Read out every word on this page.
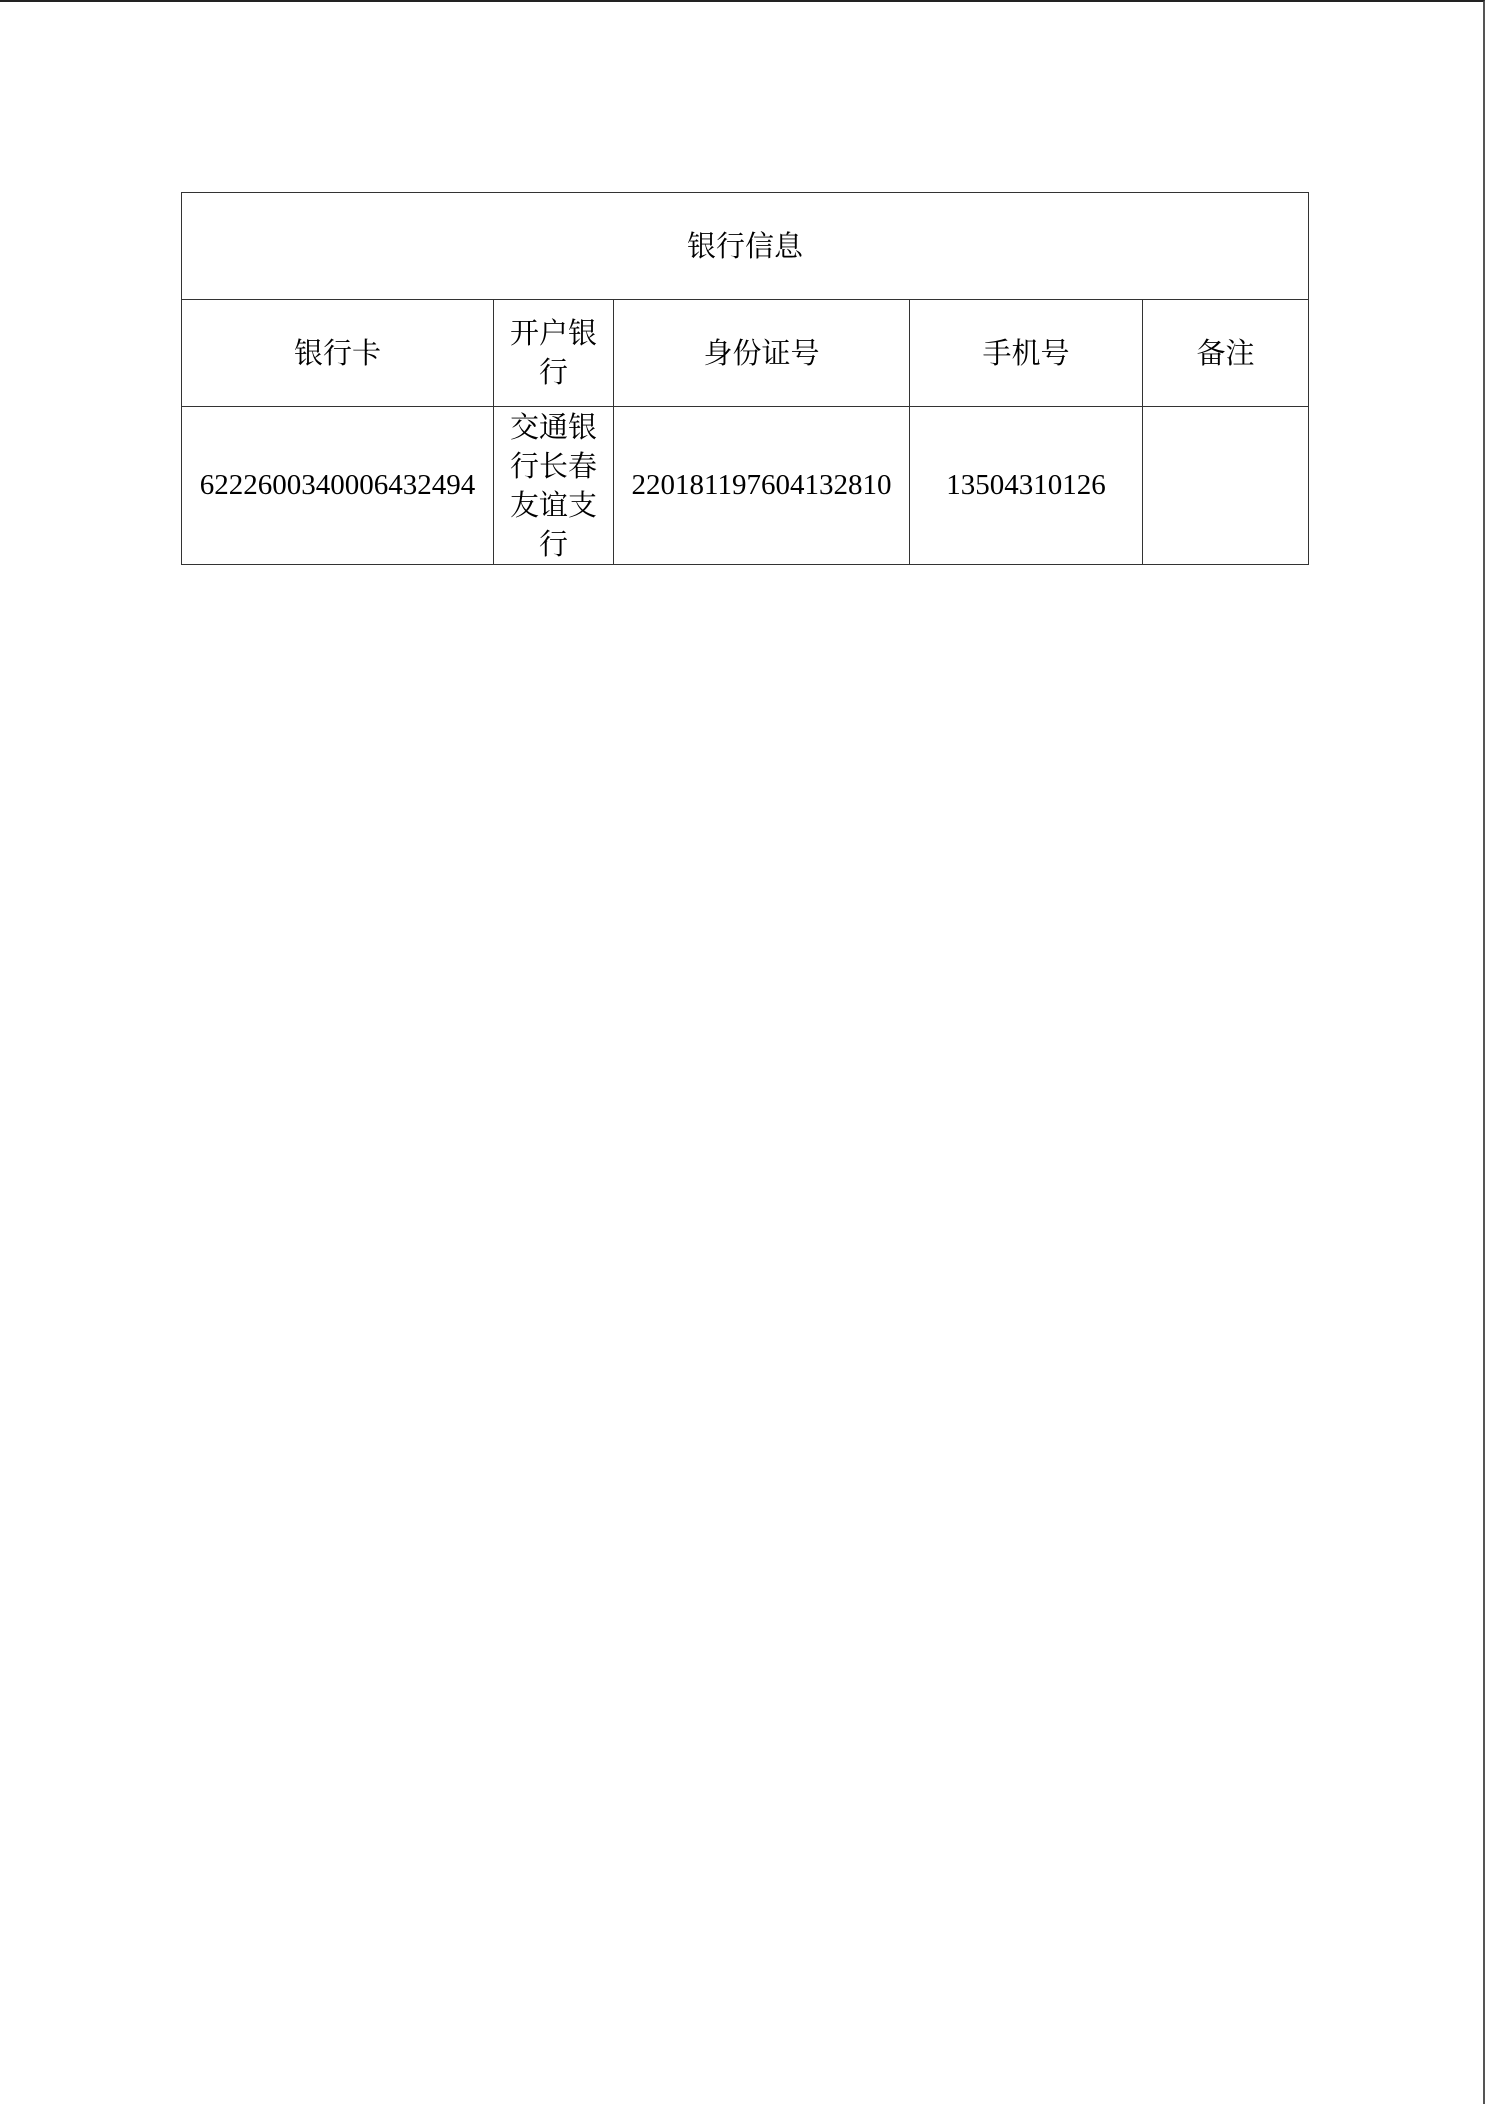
银行信息				
银行卡	开户银行	身份证号	手机号	备注
6222600340006432494	交通银行长春友谊支行	220181197604132810	13504310126	
